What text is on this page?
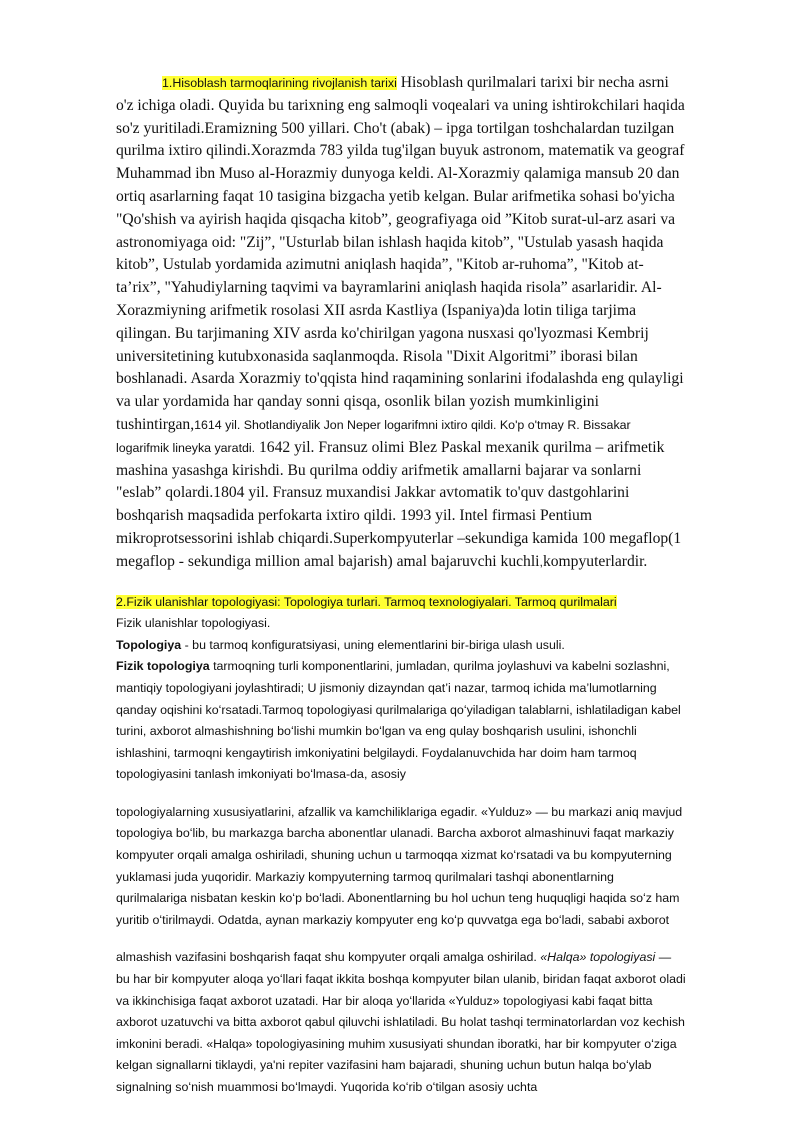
1.Hisoblash tarmoqlarining rivojlanish tarixi Hisoblash qurilmalari tarixi bir necha asrni o'z ichiga oladi. Quyida bu tarixning eng salmoqli voqealari va uning ishtirokchilari haqida so'z yuritiladi.Eramizning 500 yillari. Cho't (abak) – ipga tortilgan toshchalardan tuzilgan qurilma ixtiro qilindi.Xorazmda 783 yilda tug'ilgan buyuk astronom, matematik va geograf Muhammad ibn Muso al-Horazmiy dunyoga keldi. Al-Xorazmiy qalamiga mansub 20 dan ortiq asarlarning faqat 10 tasigina bizgacha yetib kelgan. Bular arifmetika sohasi bo'yicha "Qo'shish va ayirish haqida qisqacha kitob”, geografiyaga oid ”Kitob surat-ul-arz asari va astronomiyaga oid: "Zij”, "Usturlab bilan ishlash haqida kitob”, "Ustulab yasash haqida kitob”, Ustulab yordamida azimutni aniqlash haqida”, "Kitob ar-ruhoma”, "Kitob at-ta’rix”, "Yahudiylarning taqvimi va bayramlarini aniqlash haqida risola” asarlaridir. Al-Xorazmiyning arifmetik rosolasi XII asrda Kastliya (Ispaniya)da lotin tiliga tarjima qilingan. Bu tarjimaning XIV asrda ko'chirilgan yagona nusxasi qo'lyozmasi Kembrij universitetining kutubxonasida saqlanmoqda. Risola "Dixit Algoritmi” iborasi bilan boshlanadi. Asarda Xorazmiy to'qqista hind raqamining sonlarini ifodalashda eng qulayligi va ular yordamida har qanday sonni qisqa, osonlik bilan yozish mumkinligini tushintirgan,1614 yil. Shotlandiyalik Jon Neper logarifmni ixtiro qildi. Ko'p o'tmay R. Bissakar logarifmik lineyka yaratdi. 1642 yil. Fransuz olimi Blez Paskal mexanik qurilma – arifmetik mashina yasashga kirishdi. Bu qurilma oddiy arifmetik amallarni bajarar va sonlarni "eslab” qolardi.1804 yil. Fransuz muxandisi Jakkar avtomatik to'quv dastgohlarini boshqarish maqsadida perfokarta ixtiro qildi. 1993 yil. Intel firmasi Pentium mikroprotsessorini ishlab chiqardi.Superkompyuterlar –sekundiga kamida 100 megaflop(1 megaflop - sekundiga million amal bajarish) amal bajaruvchi kuchli,kompyuterlardir.

2.Fizik ulanishlar topologiyasi: Topologiya turlari. Tarmoq texnologiyalari. Tarmoq qurilmalari

Fizik ulanishlar topologiyasi.

Topologiya - bu tarmoq konfiguratsiyasi, uning elementlarini bir-biriga ulash usuli.

Fizik topologiya tarmoqning turli komponentlarini, jumladan, qurilma joylashuvi va kabelni sozlashni, mantiqiy topologiyani joylashtiradi; U jismoniy dizayndan qat’i nazar, tarmoq ichida ma’lumotlarning qanday oqishini koʻrsatadi.Tarmoq topologiyasi qurilmalariga qoʻyiladigan talablarni, ishlatiladigan kabel turini, axborot almashishning boʻlishi mumkin boʻlgan va eng qulay boshqarish usulini, ishonchli ishlashini, tarmoqni kengaytirish imkoniyatini belgilaydi. Foydalanuvchida har doim ham tarmoq topologiyasini tanlash imkoniyati boʻlmasa-da, asosiy

topologiyalarning xususiyatlarini, afzallik va kamchiliklariga egadir. «Yulduz» — bu markazi aniq mavjud topologiya boʻlib, bu markazga barcha abonentlar ulanadi. Barcha axborot almashinuvi faqat markaziy kompyuter orqali amalga oshiriladi, shuning uchun u tarmoqqa xizmat koʻrsatadi va bu kompyuterning yuklamasi juda yuqoridir. Markaziy kompyuterning tarmoq qurilmalari tashqi abonentlarning qurilmalariga nisbatan keskin koʻp boʻladi. Abonentlarning bu hol uchun teng huquqligi haqida soʻz ham yuritib oʻtirilmaydi. Odatda, aynan markaziy kompyuter eng koʻp quvvatga ega boʻladi, sababi axborot

almashish vazifasini boshqarish faqat shu kompyuter orqali amalga oshirilad. «Halqa» topologiyasi — bu har bir kompyuter aloqa yoʻllari faqat ikkita boshqa kompyuter bilan ulanib, biridan faqat axborot oladi va ikkinchisiga faqat axborot uzatadi. Har bir aloqa yoʻllarida «Yulduz» topologiyasi kabi faqat bitta axborot uzatuvchi va bitta axborot qabul qiluvchi ishlatiladi. Bu holat tashqi terminatorlardan voz kechish imkonini beradi. «Halqa» topologiyasining muhim xususiyati shundan iboratki, har bir kompyuter oʻziga kelgan signallarni tiklaydi, ya'ni repiter vazifasini ham bajaradi, shuning uchun butun halqa boʻylab signalning soʻnish muammosi boʻlmaydi. Yuqorida koʻrib oʻtilgan asosiy uchta
